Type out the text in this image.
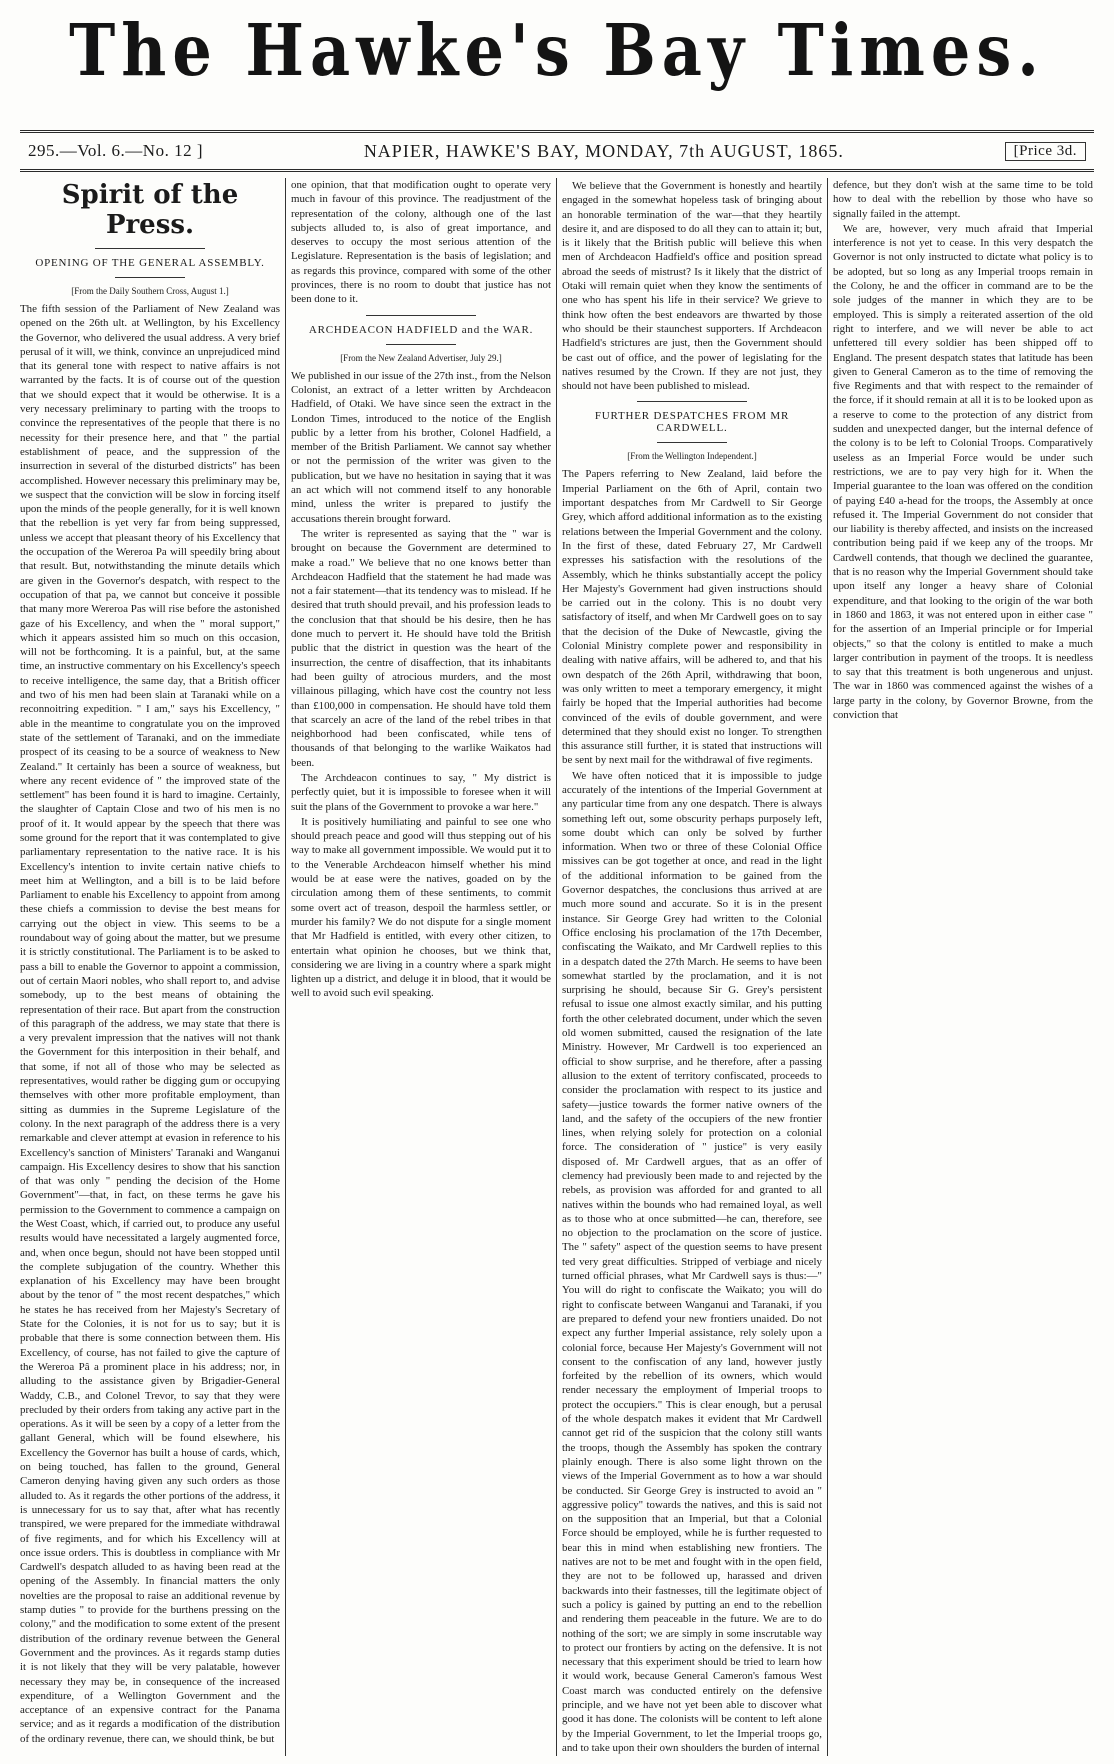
The Hawke's Bay Times.
295.—Vol. 6.—No. 12 ]	NAPIER, HAWKE'S BAY, MONDAY, 7th AUGUST, 1865.	[Price 3d.
Spirit of the Press.
OPENING OF THE GENERAL ASSEMBLY.
[From the Daily Southern Cross, August 1.]

The fifth session of the Parliament of New Zealand was opened on the 26th ult. at Wellington, by his Excellency the Governor, who delivered the usual address. A very brief perusal of it will, we think, convince an unprejudiced mind that its general tone with respect to native affairs is not warranted by the facts. It is of course out of the question that we should expect that it would be otherwise. It is a very necessary preliminary to parting with the troops to convince the representatives of the people that there is no necessity for their presence here, and that " the partial establishment of peace, and the suppression of the insurrection in several of the disturbed districts" has been accomplished. However necessary this preliminary may be, we suspect that the conviction will be slow in forcing itself upon the minds of the people generally, for it is well known that the rebellion is yet very far from being suppressed, unless we accept that pleasant theory of his Excellency that the occupation of the Wereroa Pa will speedily bring about that result. But, notwithstanding the minute details which are given in the Governor's despatch, with respect to the occupation of that pa, we cannot but conceive it possible that many more Wereroa Pas will rise before the astonished gaze of his Excellency, and when the " moral support," which it appears assisted him so much on this occasion, will not be forthcoming. It is a painful, but, at the same time, an instructive commentary on his Excellency's speech to receive intelligence, the same day, that a British officer and two of his men had been slain at Taranaki while on a reconnoitring expedition. " I am," says his Excellency, " able in the meantime to congratulate you on the improved state of the settlement of Taranaki, and on the immediate prospect of its ceasing to be a source of weakness to New Zealand." It certainly has been a source of weakness, but where any recent evidence of " the improved state of the settlement" has been found it is hard to imagine. Certainly, the slaughter of Captain Close and two of his men is no proof of it. It would appear by the speech that there was some ground for the report that it was contemplated to give parliamentary representation to the native race. It is his Excellency's intention to invite certain native chiefs to meet him at Wellington, and a bill is to be laid before Parliament to enable his Excellency to appoint from among these chiefs a commission to devise the best means for carrying out the object in view. This seems to be a roundabout way of going about the matter, but we presume it is strictly constitutional. The Parliament is to be asked to pass a bill to enable the Governor to appoint a commission, out of certain Maori nobles, who shall report to, and advise somebody, up to the best means of obtaining the representation of their race. But apart from the construction of this paragraph of the address, we may state that there is a very prevalent impression that the natives will not thank the Government for this interposition in their behalf, and that some, if not all of those who may be selected as representatives, would rather be digging gum or occupying themselves with other more profitable employment, than sitting as dummies in the Supreme Legislature of the colony. In the next paragraph of the address there is a very remarkable and clever attempt at evasion in reference to his Excellency's sanction of Ministers' Taranaki and Wanganui campaign. His Excellency desires to show that his sanction of that was only " pending the decision of the Home Government"—that, in fact, on these terms he gave his permission to the Government to commence a campaign on the West Coast, which, if carried out, to produce any useful results would have necessitated a largely augmented force, and, when once begun, should not have been stopped until the complete subjugation of the country. Whether this explanation of his Excellency may have been brought about by the tenor of " the most recent despatches," which he states he has received from her Majesty's Secretary of State for the Colonies, it is not for us to say; but it is probable that there is some connection between them. His Excellency, of course, has not failed to give the capture of the Wereroa Pâ a prominent place in his address; nor, in alluding to the assistance given by Brigadier-General Waddy, C.B., and Colonel Trevor, to say that they were precluded by their orders from taking any active part in the operations. As it will be seen by a copy of a letter from the gallant General, which will be found elsewhere, his Excellency the Governor has built a house of cards, which, on being touched, has fallen to the ground, General Cameron denying having given any such orders as those alluded to. As it regards the other portions of the address, it is unnecessary for us to say that, after what has recently transpired, we were prepared for the immediate withdrawal of five regiments, and for which his Excellency will at once issue orders. This is doubtless in compliance with Mr Cardwell's despatch alluded to as having been read at the opening of the Assembly. In financial matters the only novelties are the proposal to raise an additional revenue by stamp duties " to provide for the burthens pressing on the colony," and the modification to some extent of the present distribution of the ordinary revenue between the General Government and the provinces. As it regards stamp duties it is not likely that they will be very palatable, however necessary they may be, in consequence of the increased expenditure, of a Wellington Government and the acceptance of an expensive contract for the Panama service; and as it regards a modification of the distribution of the ordinary revenue, there can, we should think, be but

one opinion, that that modification ought to operate very much in favour of this province. The readjustment of the representation of the colony, although one of the last subjects alluded to, is also of great importance, and deserves to occupy the most serious attention of the Legislature. Representation is the basis of legislation; and as regards this province, compared with some of the other provinces, there is no room to doubt that justice has not been done to it.

ARCHDEACON HADFIELD and the WAR.
[From the New Zealand Advertiser, July 29.]

We published in our issue of the 27th inst., from the Nelson Colonist, an extract of a letter written by Archdeacon Hadfield, of Otaki. We have since seen the extract in the London Times, introduced to the notice of the English public by a letter from his brother, Colonel Hadfield, a member of the British Parliament. We cannot say whether or not the permission of the writer was given to the publication, but we have no hesitation in saying that it was an act which will not commend itself to any honorable mind, unless the writer is prepared to justify the accusations therein brought forward.

The writer is represented as saying that the " war is brought on because the Government are determined to make a road." We believe that no one knows better than Archdeacon Hadfield that the statement he had made was not a fair statement—that its tendency was to mislead. If he desired that truth should prevail, and his profession leads to the conclusion that that should be his desire, then he has done much to pervert it. He should have told the British public that the district in question was the heart of the insurrection, the centre of disaffection, that its inhabitants had been guilty of atrocious murders, and the most villainous pillaging, which have cost the country not less than £100,000 in compensation. He should have told them that scarcely an acre of the land of the rebel tribes in that neighborhood had been confiscated, while tens of thousands of that belonging to the warlike Waikatos had been.

The Archdeacon continues to say, " My district is perfectly quiet, but it is impossible to foresee when it will suit the plans of the Government to provoke a war here."

It is positively humiliating and painful to see one who should preach peace and good will thus stepping out of his way to make all government impossible. We would put it to to the Venerable Archdeacon himself whether his mind would be at ease were the natives, goaded on by the circulation among them of these sentiments, to commit some overt act of treason, despoil the harmless settler, or murder his family? We do not dispute for a single moment that Mr Hadfield is entitled, with every other citizen, to entertain what opinion he chooses, but we think that, considering we are living in a country where a spark might lighten up a district, and deluge it in blood, that it would be well to avoid such evil speaking.

We believe that the Government is honestly and heartily engaged in the somewhat hopeless task of bringing about an honorable termination of the war—that they heartily desire it, and are disposed to do all they can to attain it; but, is it likely that the British public will believe this when men of Archdeacon Hadfield's office and position spread abroad the seeds of mistrust? Is it likely that the district of Otaki will remain quiet when they know the sentiments of one who has spent his life in their service? We grieve to think how often the best endeavors are thwarted by those who should be their staunchest supporters. If Archdeacon Hadfield's strictures are just, then the Government should be cast out of office, and the power of legislating for the natives resumed by the Crown. If they are not just, they should not have been published to mislead.

FURTHER DESPATCHES FROM MR CARDWELL.
[From the Wellington Independent.]

The Papers referring to New Zealand, laid before the Imperial Parliament on the 6th of April, contain two important despatches from Mr Cardwell to Sir George Grey, which afford additional information as to the existing relations between the Imperial Government and the colony. In the first of these, dated February 27, Mr Cardwell expresses his satisfaction with the resolutions of the Assembly, which he thinks substantially accept the policy Her Majesty's Government had given instructions should be carried out in the colony. This is no doubt very satisfactory of itself, and when Mr Cardwell goes on to say that the decision of the Duke of Newcastle, giving the Colonial Ministry complete power and responsibility in dealing with native affairs, will be adhered to, and that his own despatch of the 26th April, withdrawing that boon, was only written to meet a temporary emergency, it might fairly be hoped that the Imperial authorities had become convinced of the evils of double government, and were determined that they should exist no longer. To strengthen this assurance still further, it is stated that instructions will be sent by next mail for the withdrawal of five regiments.

We have often noticed that it is impossible to judge accurately of the intentions of the Imperial Government at any particular time from any one despatch. There is always something left out, some obscurity perhaps purposely left, some doubt which can only be solved by further information. When two or three of these Colonial Office missives can be got together at once, and read in the light of the additional information to be gained from the Governor despatches, the conclusions thus arrived at are much more sound and accurate. So it is in the present instance. Sir George Grey had written to the Colonial Office enclosing his proclamation of the 17th December, confiscating the Waikato, and Mr Cardwell replies to this in a despatch dated the 27th March. He seems to have been somewhat startled by the proclamation, and it is not surprising he should, because Sir G. Grey's persistent refusal to issue one almost exactly similar, and his putting forth the other celebrated document, under which the seven old women submitted, caused the resignation of the late Ministry. However, Mr Cardwell is too experienced an official to show surprise, and he therefore, after a passing allusion to the extent of territory confiscated, proceeds to consider the proclamation with respect to its justice and safety—justice towards the former native owners of the land, and the safety of the occupiers of the new frontier lines, when relying solely for protection on a colonial force. The consideration of " justice" is very easily disposed of. Mr Cardwell argues, that as an offer of clemency had previously been made to and rejected by the rebels, as provision was afforded for and granted to all natives within the bounds who had remained loyal, as well as to those who at once submitted—he can, therefore, see no objection to the proclamation on the score of justice. The " safety" aspect of the question seems to have present ted very great difficulties. Stripped of verbiage and nicely turned official phrases, what Mr Cardwell says is thus:—" You will do right to confiscate the Waikato; you will do right to confiscate between Wanganui and Taranaki, if you are prepared to defend your new frontiers unaided. Do not expect any further Imperial assistance, rely solely upon a colonial force, because Her Majesty's Government will not consent to the confiscation of any land, however justly forfeited by the rebellion of its owners, which would render necessary the employment of Imperial troops to protect the occupiers." This is clear enough, but a perusal of the whole despatch makes it evident that Mr Cardwell cannot get rid of the suspicion that the colony still wants the troops, though the Assembly has spoken the contrary plainly enough. There is also some light thrown on the views of the Imperial Government as to how a war should be conducted. Sir George Grey is instructed to avoid an " aggressive policy" towards the natives, and this is said not on the supposition that an Imperial, but that a Colonial Force should be employed, while he is further requested to bear this in mind when establishing new frontiers. The natives are not to be met and fought with in the open field, they are not to be followed up, harassed and driven backwards into their fastnesses, till the legitimate object of such a policy is gained by putting an end to the rebellion and rendering them peaceable in the future. We are to do nothing of the sort; we are simply in some inscrutable way to protect our frontiers by acting on the defensive. It is not necessary that this experiment should be tried to learn how it would work, because General Cameron's famous West Coast march was conducted entirely on the defensive principle, and we have not yet been able to discover what good it has done. The colonists will be content to left alone by the Imperial Government, to let the Imperial troops go, and to take upon their own shoulders the burden of internal

defence, but they don't wish at the same time to be told how to deal with the rebellion by those who have so signally failed in the attempt.

We are, however, very much afraid that Imperial interference is not yet to cease. In this very despatch the Governor is not only instructed to dictate what policy is to be adopted, but so long as any Imperial troops remain in the Colony, he and the officer in command are to be the sole judges of the manner in which they are to be employed. This is simply a reiterated assertion of the old right to interfere, and we will never be able to act unfettered till every soldier has been shipped off to England. The present despatch states that latitude has been given to General Cameron as to the time of removing the five Regiments and that with respect to the remainder of the force, if it should remain at all it is to be looked upon as a reserve to come to the protection of any district from sudden and unexpected danger, but the internal defence of the colony is to be left to Colonial Troops. Comparatively useless as an Imperial Force would be under such restrictions, we are to pay very high for it. When the Imperial guarantee to the loan was offered on the condition of paying £40 a-head for the troops, the Assembly at once refused it. The Imperial Government do not consider that our liability is thereby affected, and insists on the increased contribution being paid if we keep any of the troops. Mr Cardwell contends, that though we declined the guarantee, that is no reason why the Imperial Government should take upon itself any longer a heavy share of Colonial expenditure, and that looking to the origin of the war both in 1860 and 1863, it was not entered upon in either case " for the assertion of an Imperial principle or for Imperial objects," so that the colony is entitled to make a much larger contribution in payment of the troops. It is needless to say that this treatment is both ungenerous and unjust. The war in 1860 was commenced against the wishes of a large party in the colony, by Governor Browne, from the conviction that
